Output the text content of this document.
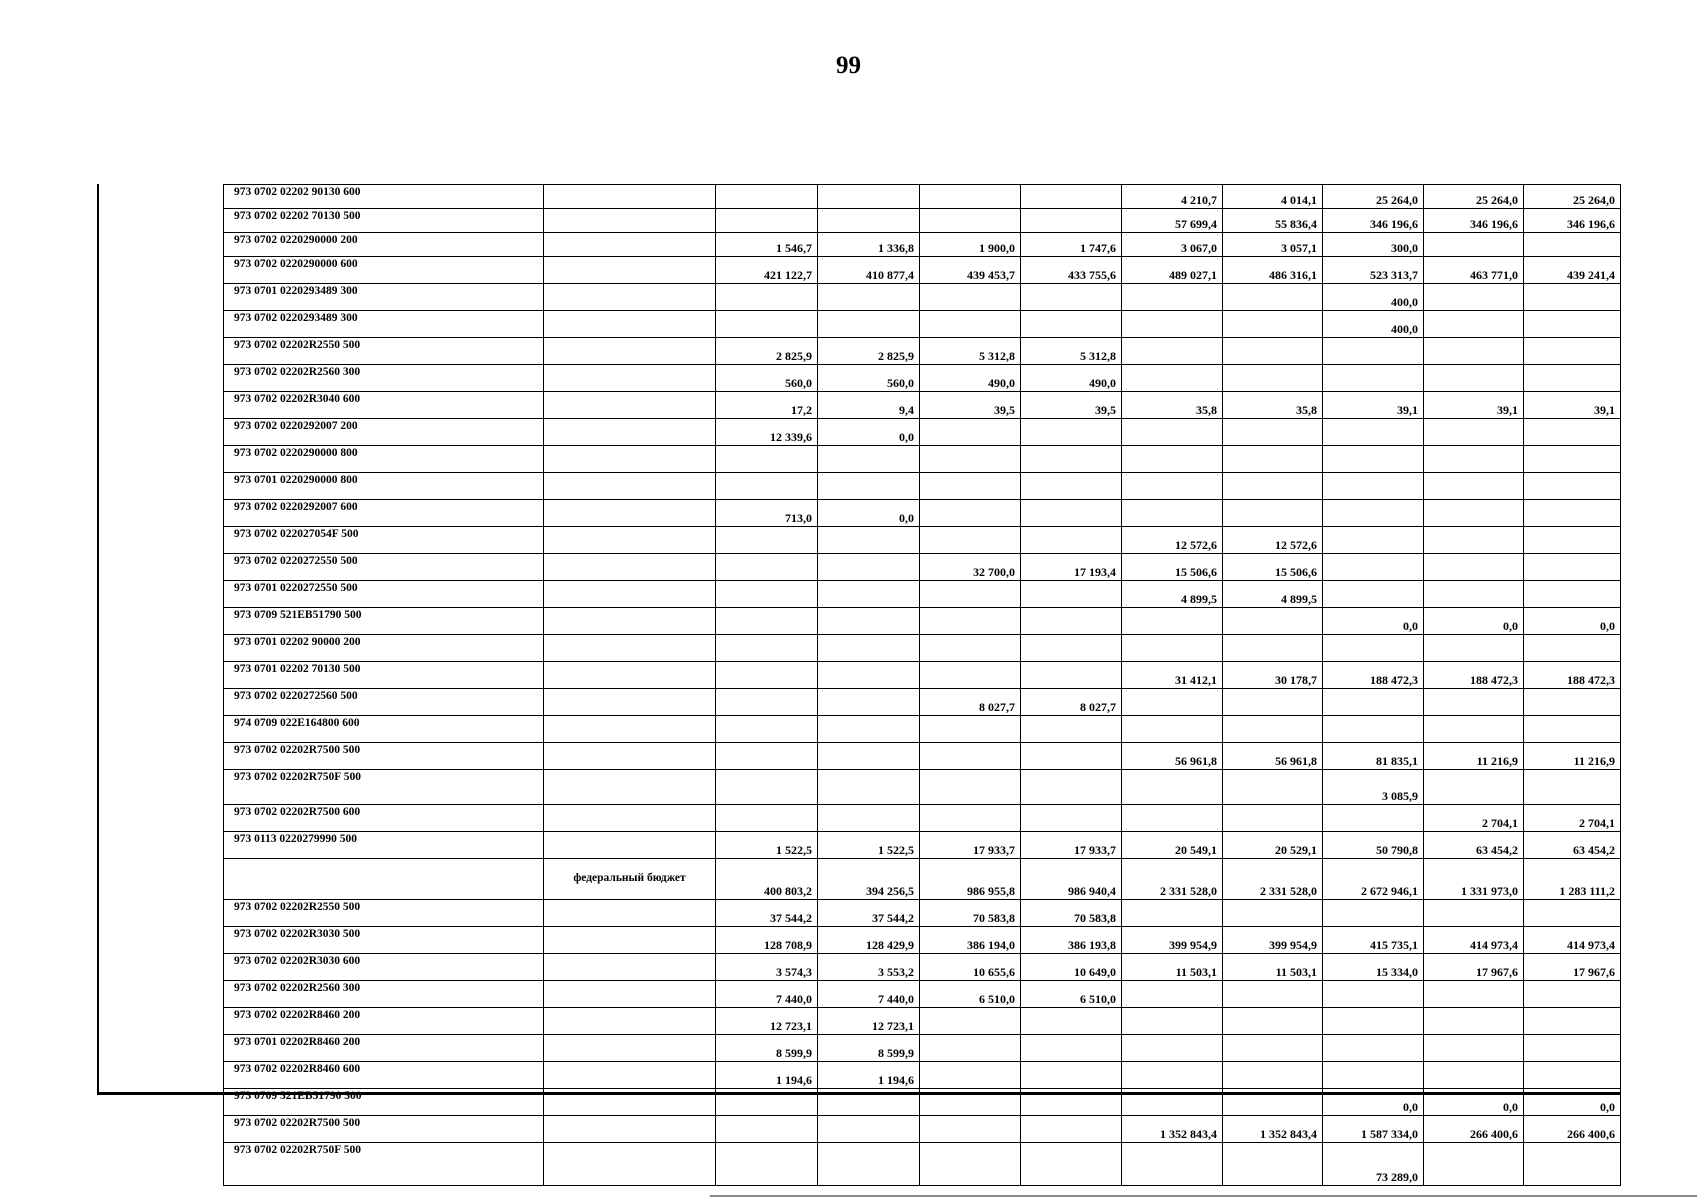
99
973 0702 02202 90130 600						4 210,7	4 014,1	25 264,0	25 264,0	25 264,0
973 0702 02202 70130 500						57 699,4	55 836,4	346 196,6	346 196,6	346 196,6
973 0702 0220290000 200		1 546,7	1 336,8	1 900,0	1 747,6	3 067,0	3 057,1	300,0		
973 0702 0220290000 600		421 122,7	410 877,4	439 453,7	433 755,6	489 027,1	486 316,1	523 313,7	463 771,0	439 241,4
973 0701 0220293489 300								400,0		
973 0702 0220293489 300								400,0		
973 0702 02202R2550 500		2 825,9	2 825,9	5 312,8	5 312,8					
973 0702 02202R2560 300		560,0	560,0	490,0	490,0					
973 0702 02202R3040 600		17,2	9,4	39,5	39,5	35,8	35,8	39,1	39,1	39,1
973 0702 0220292007 200		12 339,6	0,0							
973 0702 0220290000 800										
973 0701 0220290000 800										
973 0702 0220292007 600		713,0	0,0							
973 0702 022027054F 500						12 572,6	12 572,6			
973 0702 0220272550 500				32 700,0	17 193,4	15 506,6	15 506,6			
973 0701 0220272550 500						4 899,5	4 899,5			
973 0709 521EB51790 500								0,0	0,0	0,0
973 0701 02202 90000 200										
973 0701 02202 70130 500						31 412,1	30 178,7	188 472,3	188 472,3	188 472,3
973 0702 0220272560 500				8 027,7	8 027,7					
974 0709 022E164800 600										
973 0702 02202R7500 500						56 961,8	56 961,8	81 835,1	11 216,9	11 216,9
973 0702 02202R750F 500								3 085,9		
973 0702 02202R7500 600									2 704,1	2 704,1
973 0113 0220279990 500		1 522,5	1 522,5	17 933,7	17 933,7	20 549,1	20 529,1	50 790,8	63 454,2	63 454,2
	федеральный бюджет	400 803,2	394 256,5	986 955,8	986 940,4	2 331 528,0	2 331 528,0	2 672 946,1	1 331 973,0	1 283 111,2
973 0702 02202R2550 500		37 544,2	37 544,2	70 583,8	70 583,8					
973 0702 02202R3030 500		128 708,9	128 429,9	386 194,0	386 193,8	399 954,9	399 954,9	415 735,1	414 973,4	414 973,4
973 0702 02202R3030 600		3 574,3	3 553,2	10 655,6	10 649,0	11 503,1	11 503,1	15 334,0	17 967,6	17 967,6
973 0702 02202R2560 300		7 440,0	7 440,0	6 510,0	6 510,0					
973 0702 02202R8460 200		12 723,1	12 723,1							
973 0701 02202R8460 200		8 599,9	8 599,9							
973 0702 02202R8460 600		1 194,6	1 194,6							
973 0709 521EB51790 500								0,0	0,0	0,0
973 0702 02202R7500 500						1 352 843,4	1 352 843,4	1 587 334,0	266 400,6	266 400,6
973 0702 02202R750F 500								73 289,0		
